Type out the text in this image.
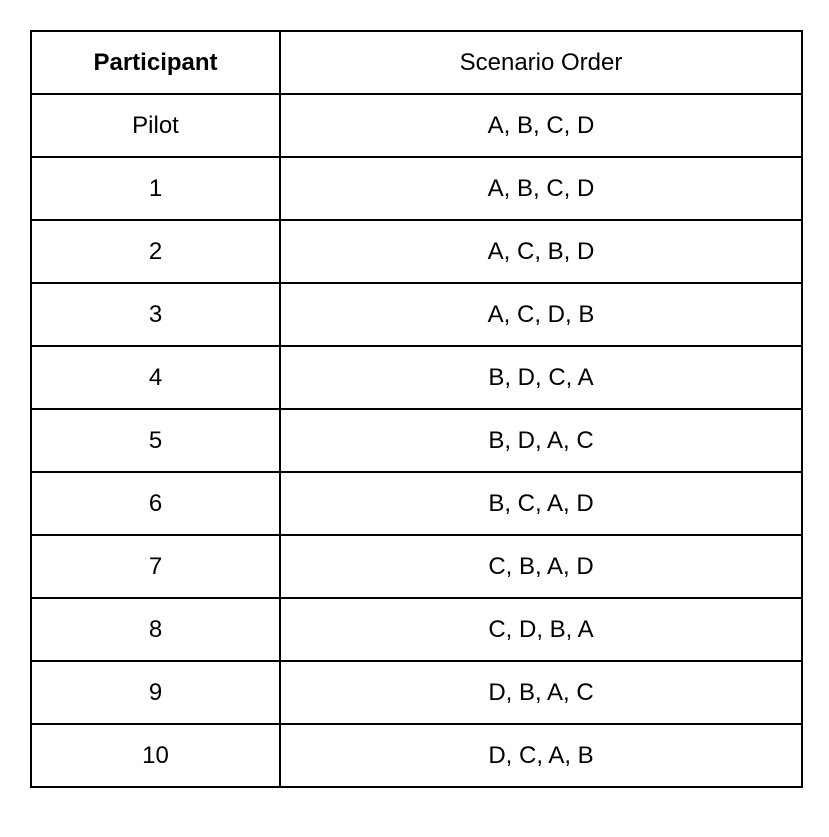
Participant	Scenario Order
Pilot	A, B, C, D
1	A, B, C, D
2	A, C, B, D
3	A, C, D, B
4	B, D, C, A
5	B, D, A, C
6	B, C, A, D
7	C, B, A, D
8	C, D, B, A
9	D, B, A, C
10	D, C, A, B
